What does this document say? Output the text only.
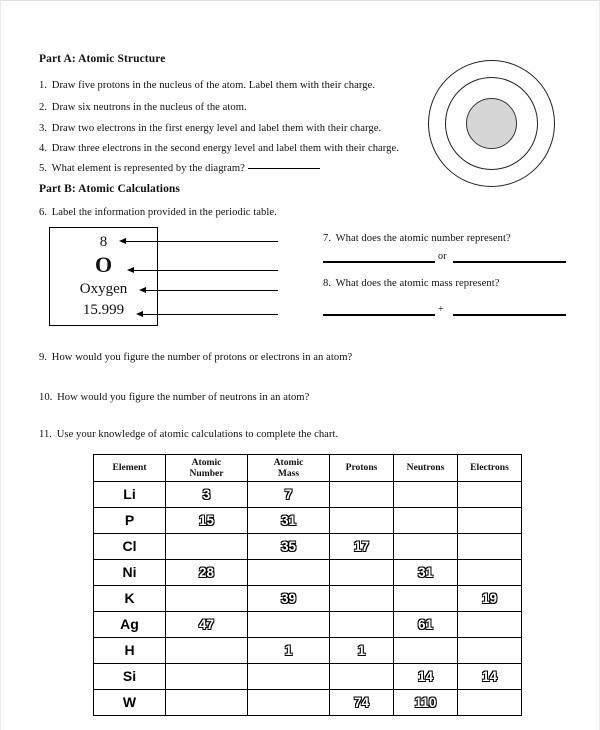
Part A: Atomic Structure
1. Draw five protons in the nucleus of the atom. Label them with their charge.
2. Draw six neutrons in the nucleus of the atom.
3. Draw two electrons in the first energy level and label them with their charge.
4. Draw three electrons in the second energy level and label them with their charge.
5. What element is represented by the diagram?
Part B: Atomic Calculations
6. Label the information provided in the periodic table.
8
O
Oxygen
15.999
7. What does the atomic number represent?
or
8. What does the atomic mass represent?
+
9. How would you figure the number of protons or electrons in an atom?
10. How would you figure the number of neutrons in an atom?
11. Use your knowledge of atomic calculations to complete the chart.
Element

Atomic
Number

Atomic
Mass

Protons	Neutrons	Electrons

Li	3	7			
P	15	31			
Cl		35	17		
Ni	28			31	
K		39			19
Ag	47			61	
H		1	1		
Si				14	14
W			74	110	
